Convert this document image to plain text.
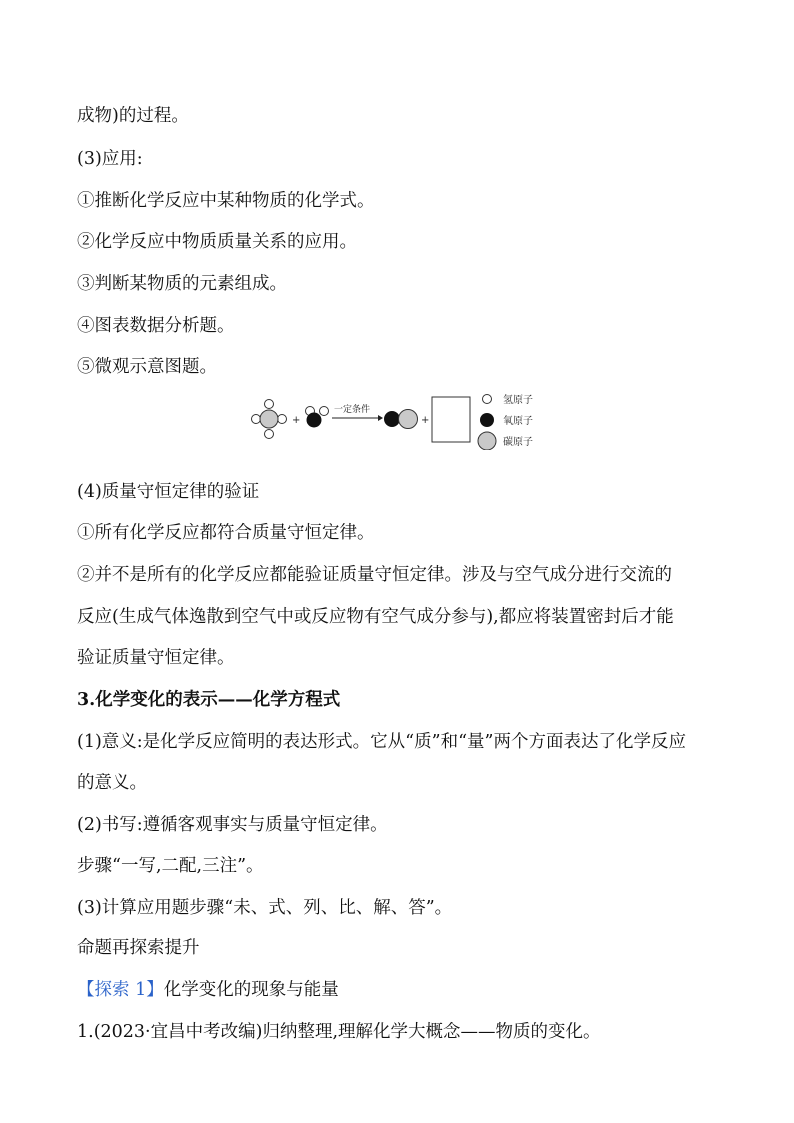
成物)的过程。
(3)应用:
①推断化学反应中某种物质的化学式。
②化学反应中物质质量关系的应用。
③判断某物质的元素组成。
④图表数据分析题。
⑤微观示意图题。
+
一定条件
+
氢原子
氧原子
碳原子
(4)质量守恒定律的验证
①所有化学反应都符合质量守恒定律。
②并不是所有的化学反应都能验证质量守恒定律。涉及与空气成分进行交流的
反应(生成气体逸散到空气中或反应物有空气成分参与),都应将装置密封后才能
验证质量守恒定律。
3.化学变化的表示——化学方程式
(1)意义:是化学反应简明的表达形式。它从“质”和“量”两个方面表达了化学反应
的意义。
(2)书写:遵循客观事实与质量守恒定律。
步骤“一写,二配,三注”。
(3)计算应用题步骤“未、式、列、比、解、答”。
命题再探索提升
【探索 1】化学变化的现象与能量
1.(2023·宜昌中考改编)归纳整理,理解化学大概念——物质的变化。
